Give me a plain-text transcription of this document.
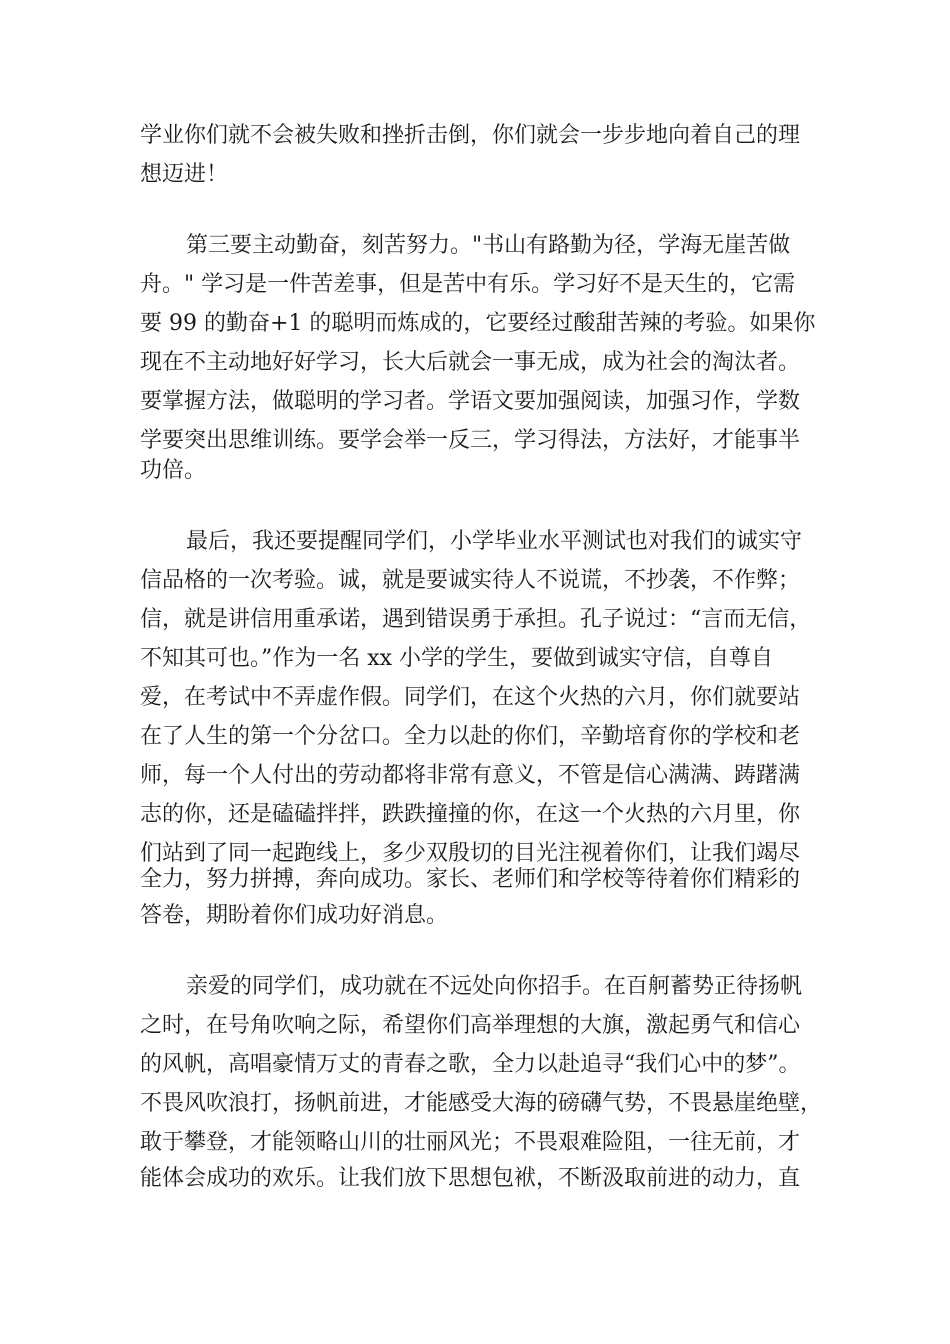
学业你们就不会被失败和挫折击倒，你们就会一步步地向着自己的理
想迈进！
第三要主动勤奋，刻苦努力。"书山有路勤为径，学海无崖苦做
舟。" 学习是一件苦差事，但是苦中有乐。学习好不是天生的，它需
要 99 的勤奋+1 的聪明而炼成的，它要经过酸甜苦辣的考验。如果你
现在不主动地好好学习，长大后就会一事无成，成为社会的淘汰者。
要掌握方法，做聪明的学习者。学语文要加强阅读，加强习作，学数
学要突出思维训练。要学会举一反三，学习得法，方法好，才能事半
功倍。
最后，我还要提醒同学们，小学毕业水平测试也对我们的诚实守
信品格的一次考验。诚，就是要诚实待人不说谎，不抄袭，不作弊；
信，就是讲信用重承诺，遇到错误勇于承担。孔子说过：“言而无信，
不知其可也。”作为一名 xx 小学的学生，要做到诚实守信，自尊自
爱，在考试中不弄虚作假。同学们，在这个火热的六月，你们就要站
在了人生的第一个分岔口。全力以赴的你们，辛勤培育你的学校和老
师，每一个人付出的劳动都将非常有意义，不管是信心满满、踌躇满
志的你，还是磕磕拌拌，跌跌撞撞的你，在这一个火热的六月里，你
们站到了同一起跑线上，多少双殷切的目光注视着你们，让我们竭尽
全力，努力拼搏，奔向成功。家长、老师们和学校等待着你们精彩的
答卷，期盼着你们成功好消息。
亲爱的同学们，成功就在不远处向你招手。在百舸蓄势正待扬帆
之时，在号角吹响之际，希望你们高举理想的大旗，激起勇气和信心
的风帆，高唱豪情万丈的青春之歌，全力以赴追寻“我们心中的梦”。
不畏风吹浪打，扬帆前进，才能感受大海的磅礴气势，不畏悬崖绝壁，
敢于攀登，才能领略山川的壮丽风光；不畏艰难险阻，一往无前，才
能体会成功的欢乐。让我们放下思想包袱，不断汲取前进的动力，直
